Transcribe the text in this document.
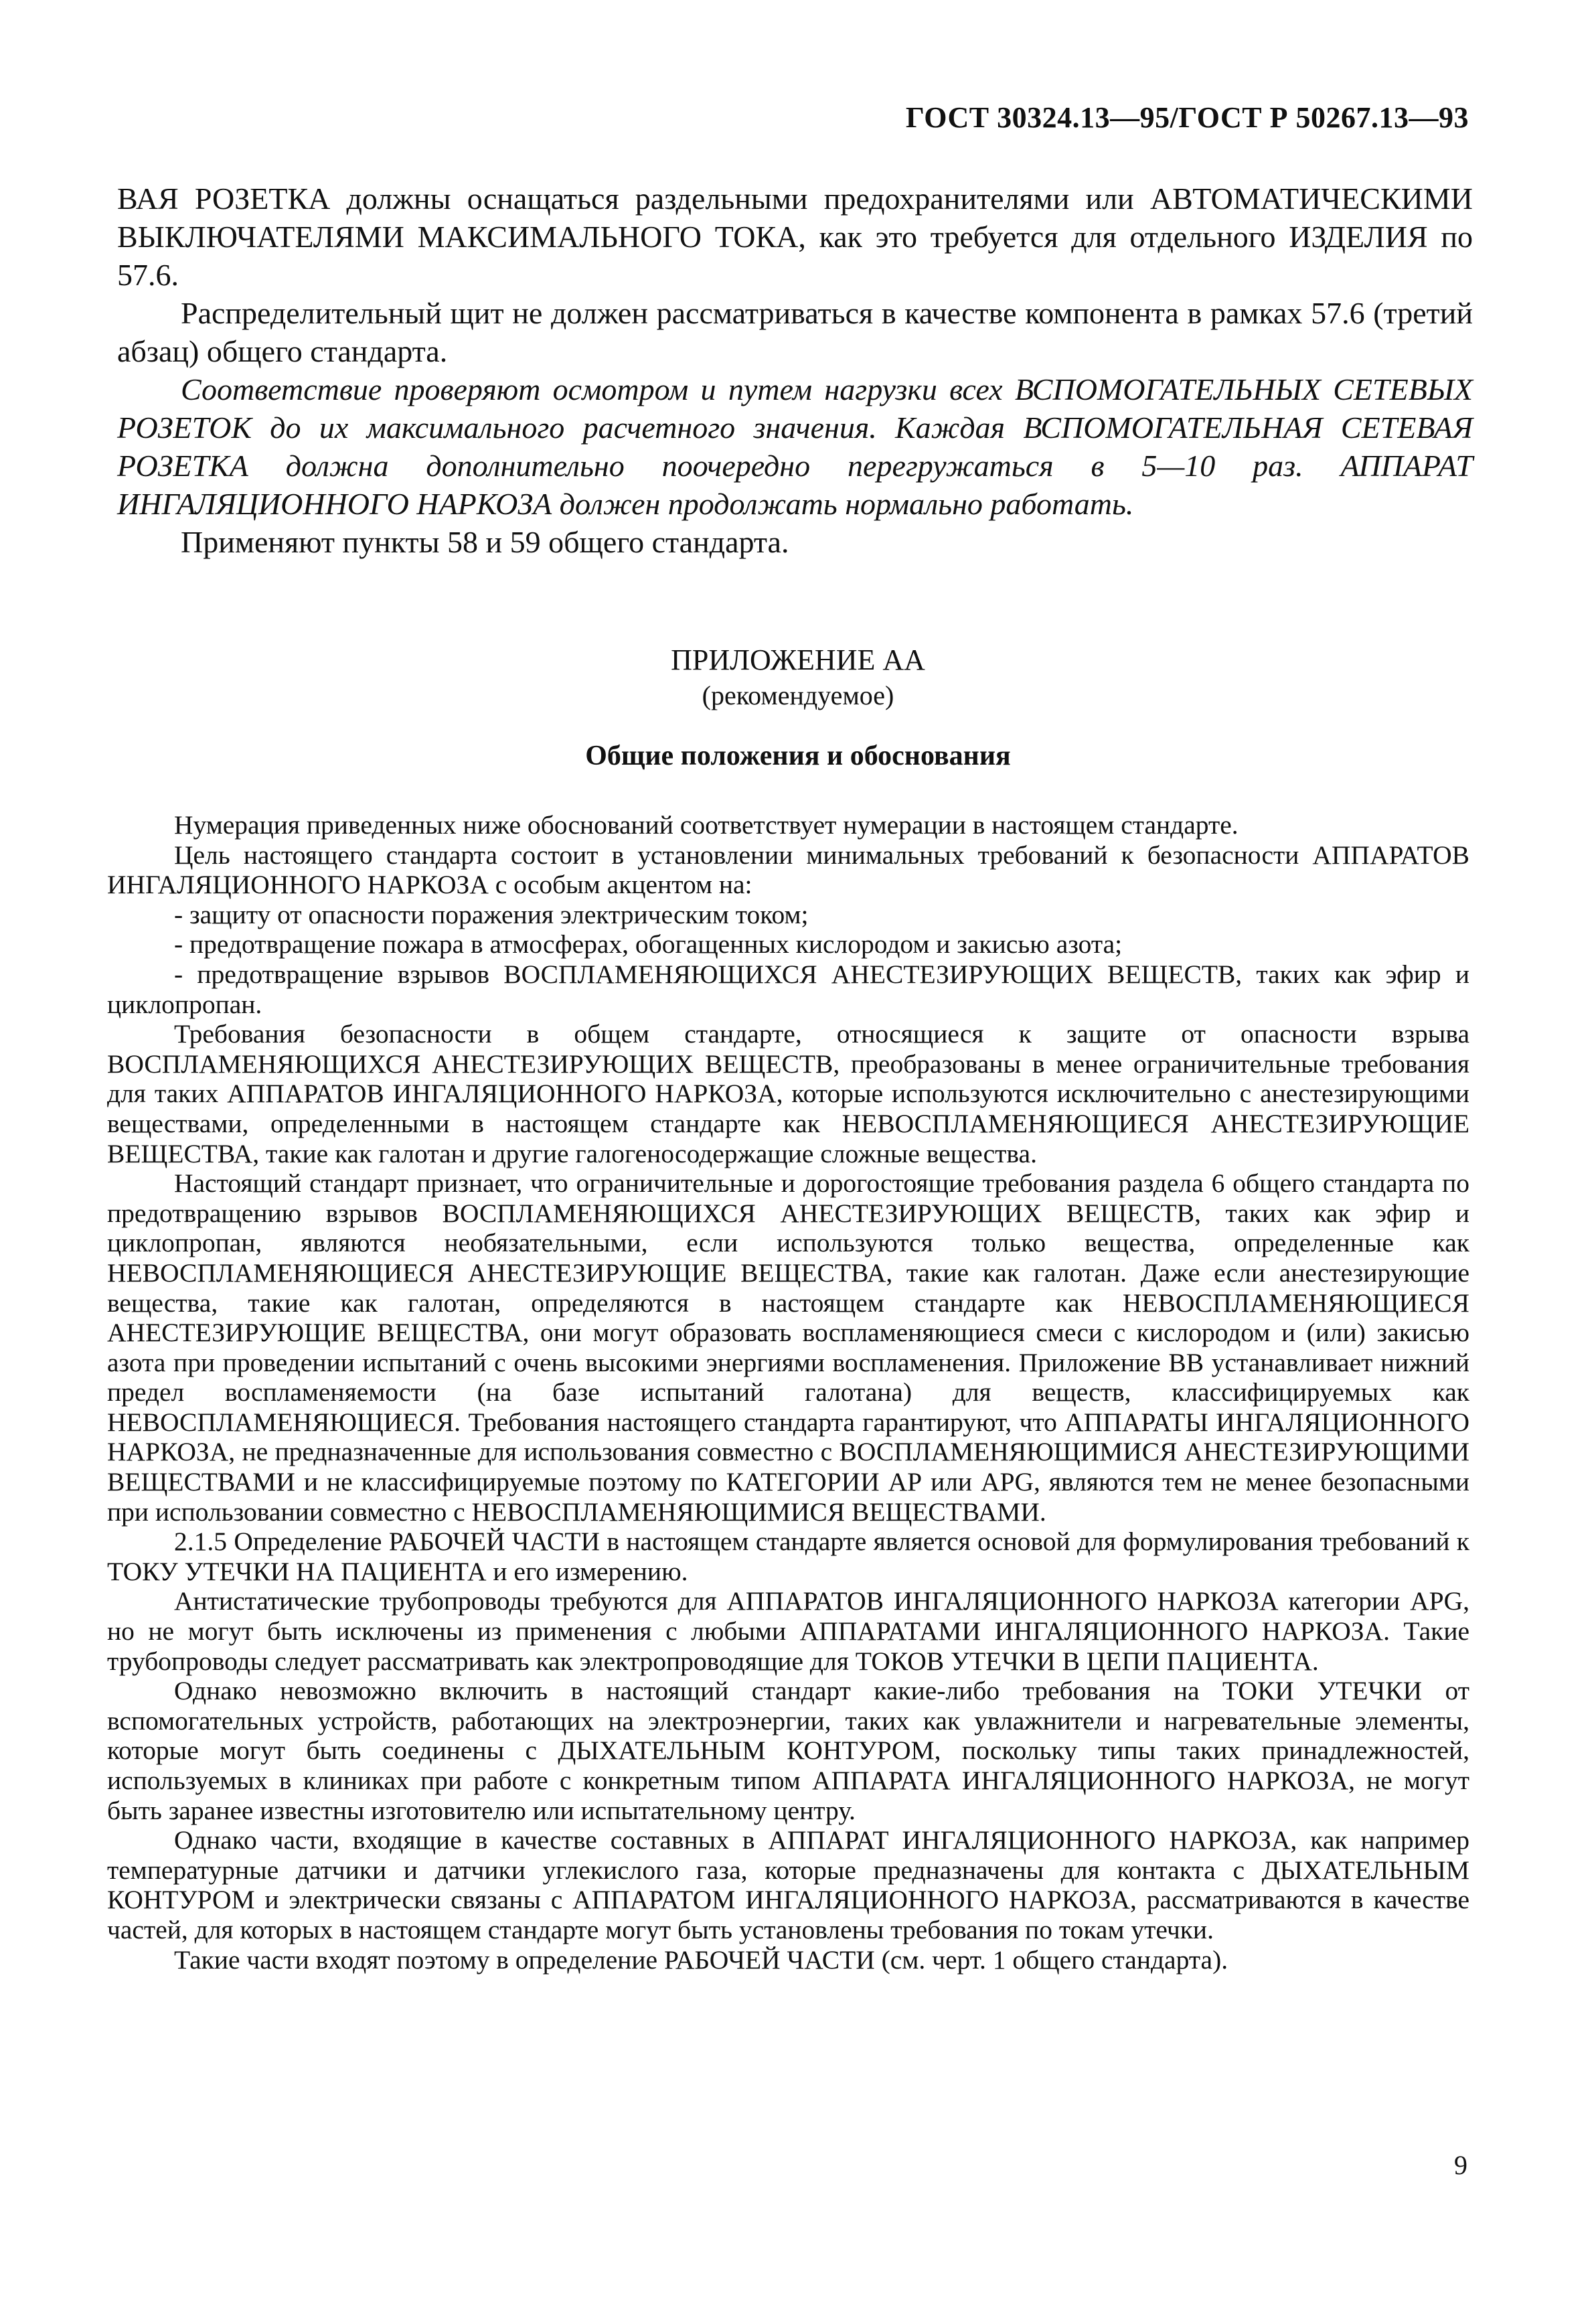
ГОСТ 30324.13—95/ГОСТ Р 50267.13—93

ВАЯ РОЗЕТКА должны оснащаться раздельными предохранителями или АВТОМАТИЧЕСКИМИ ВЫКЛЮЧАТЕЛЯМИ МАКСИМАЛЬНОГО ТОКА, как это требуется для отдельного ИЗДЕЛИЯ по 57.6.

Распределительный щит не должен рассматриваться в качестве компонента в рамках 57.6 (третий абзац) общего стандарта.

Соответствие проверяют осмотром и путем нагрузки всех ВСПОМОГАТЕЛЬНЫХ СЕТЕВЫХ РОЗЕТОК до их максимального расчетного значения. Каждая ВСПОМОГАТЕЛЬНАЯ СЕТЕВАЯ РОЗЕТКА должна дополнительно поочередно перегружаться в 5—10 раз. АППАРАТ ИНГАЛЯЦИОННОГО НАРКОЗА должен продолжать нормально работать.

Применяют пункты 58 и 59 общего стандарта.

ПРИЛОЖЕНИЕ АА
(рекомендуемое)
Общие положения и обоснования

Нумерация приведенных ниже обоснований соответствует нумерации в настоящем стандарте.

Цель настоящего стандарта состоит в установлении минимальных требований к безопасности АППАРАТОВ ИНГАЛЯЦИОННОГО НАРКОЗА с особым акцентом на:

- защиту от опасности поражения электрическим током;

- предотвращение пожара в атмосферах, обогащенных кислородом и закисью азота;

- предотвращение взрывов ВОСПЛАМЕНЯЮЩИХСЯ АНЕСТЕЗИРУЮЩИХ ВЕЩЕСТВ, таких как эфир и циклопропан.

Требования безопасности в общем стандарте, относящиеся к защите от опасности взрыва ВОСПЛАМЕНЯЮЩИХСЯ АНЕСТЕЗИРУЮЩИХ ВЕЩЕСТВ, преобразованы в менее ограничительные требования для таких АППАРАТОВ ИНГАЛЯЦИОННОГО НАРКОЗА, которые используются исключительно с анестезирующими веществами, определенными в настоящем стандарте как НЕВОСПЛАМЕНЯЮЩИЕСЯ АНЕСТЕЗИРУЮЩИЕ ВЕЩЕСТВА, такие как галотан и другие галогеносодержащие сложные вещества.

Настоящий стандарт признает, что ограничительные и дорогостоящие требования раздела 6 общего стандарта по предотвращению взрывов ВОСПЛАМЕНЯЮЩИХСЯ АНЕСТЕЗИРУЮЩИХ ВЕЩЕСТВ, таких как эфир и циклопропан, являются необязательными, если используются только вещества, определенные как НЕВОСПЛАМЕНЯЮЩИЕСЯ АНЕСТЕЗИРУЮЩИЕ ВЕЩЕСТВА, такие как галотан. Даже если анестезирующие вещества, такие как галотан, определяются в настоящем стандарте как НЕВОСПЛАМЕНЯЮЩИЕСЯ АНЕСТЕЗИРУЮЩИЕ ВЕЩЕСТВА, они могут образовать воспламеняющиеся смеси с кислородом и (или) закисью азота при проведении испытаний с очень высокими энергиями воспламенения. Приложение ВВ устанавливает нижний предел воспламеняемости (на базе испытаний галотана) для веществ, классифицируемых как НЕВОСПЛАМЕНЯЮЩИЕСЯ. Требования настоящего стандарта гарантируют, что АППАРАТЫ ИНГАЛЯЦИОННОГО НАРКОЗА, не предназначенные для использования совместно с ВОСПЛАМЕНЯЮЩИМИСЯ АНЕСТЕЗИРУЮЩИМИ ВЕЩЕСТВАМИ и не классифицируемые поэтому по КАТЕГОРИИ АР или APG, являются тем не менее безопасными при использовании совместно с НЕВОСПЛАМЕНЯЮЩИМИСЯ ВЕЩЕСТВАМИ.

2.1.5 Определение РАБОЧЕЙ ЧАСТИ в настоящем стандарте является основой для формулирования требований к ТОКУ УТЕЧКИ НА ПАЦИЕНТА и его измерению.

Антистатические трубопроводы требуются для АППАРАТОВ ИНГАЛЯЦИОННОГО НАРКОЗА категории APG, но не могут быть исключены из применения с любыми АППАРАТАМИ ИНГАЛЯЦИОННОГО НАРКОЗА. Такие трубопроводы следует рассматривать как электропроводящие для ТОКОВ УТЕЧКИ В ЦЕПИ ПАЦИЕНТА.

Однако невозможно включить в настоящий стандарт какие-либо требования на ТОКИ УТЕЧКИ от вспомогательных устройств, работающих на электроэнергии, таких как увлажнители и нагревательные элементы, которые могут быть соединены с ДЫХАТЕЛЬНЫМ КОНТУРОМ, поскольку типы таких принадлежностей, используемых в клиниках при работе с конкретным типом АППАРАТА ИНГАЛЯЦИОННОГО НАРКОЗА, не могут быть заранее известны изготовителю или испытательному центру.

Однако части, входящие в качестве составных в АППАРАТ ИНГАЛЯЦИОННОГО НАРКОЗА, как например температурные датчики и датчики углекислого газа, которые предназначены для контакта с ДЫХАТЕЛЬНЫМ КОНТУРОМ и электрически связаны с АППАРАТОМ ИНГАЛЯЦИОННОГО НАРКОЗА, рассматриваются в качестве частей, для которых в настоящем стандарте могут быть установлены требования по токам утечки.

Такие части входят поэтому в определение РАБОЧЕЙ ЧАСТИ (см. черт. 1 общего стандарта).

9
